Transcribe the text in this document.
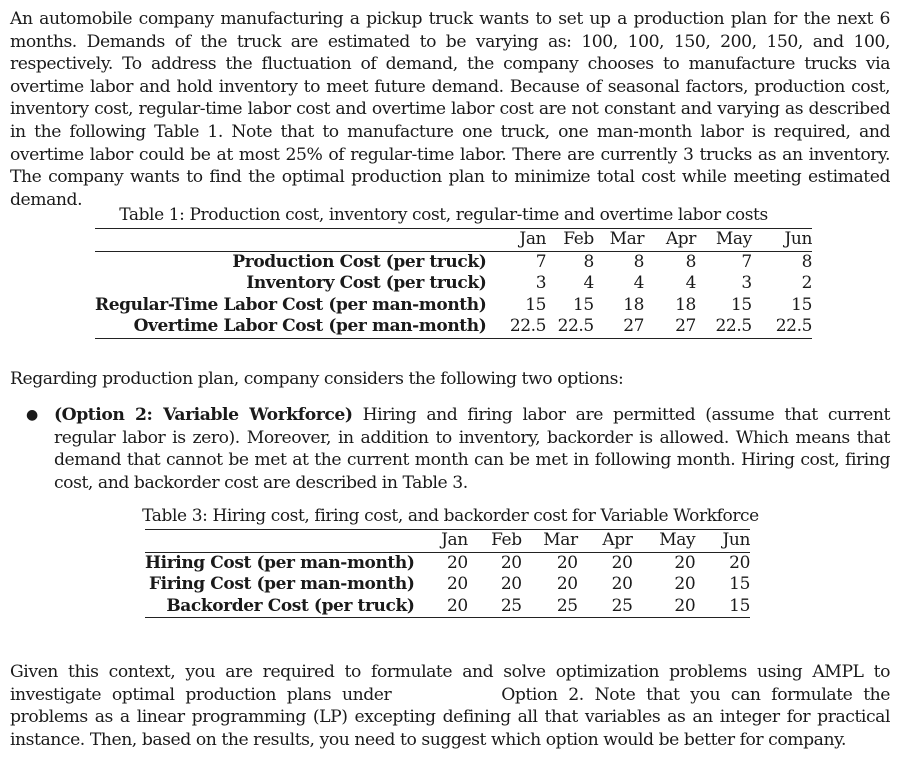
An automobile company manufacturing a pickup truck wants to set up a production plan for the next 6 months. Demands of the truck are estimated to be varying as: 100, 100, 150, 200, 150, and 100, respectively. To address the fluctuation of demand, the company chooses to manufacture trucks via overtime labor and hold inventory to meet future demand. Because of seasonal factors, production cost, inventory cost, regular-time labor cost and overtime labor cost are not constant and varying as described in the following Table 1. Note that to manufacture one truck, one man-month labor is required, and overtime labor could be at most 25% of regular-time labor. There are currently 3 trucks as an inventory. The company wants to find the optimal production plan to minimize total cost while meeting estimated demand.

Table 1: Production cost, inventory cost, regular-time and overtime labor costs

	Jan	Feb	Mar	Apr	May	Jun
Production Cost (per truck)	7	8	8	8	7	8
Inventory Cost (per truck)	3	4	4	4	3	2
Regular-Time Labor Cost (per man-month)	15	15	18	18	15	15
Overtime Labor Cost (per man-month)	22.5	22.5	27	27	22.5	22.5

Regarding production plan, company considers the following two options:

● (Option 2: Variable Workforce) Hiring and firing labor are permitted (assume that current regular labor is zero). Moreover, in addition to inventory, backorder is allowed. Which means that demand that cannot be met at the current month can be met in following month. Hiring cost, firing cost, and backorder cost are described in Table 3.

Table 3: Hiring cost, firing cost, and backorder cost for Variable Workforce

	Jan	Feb	Mar	Apr	May	Jun
Hiring Cost (per man-month)	20	20	20	20	20	20
Firing Cost (per man-month)	20	20	20	20	20	15
Backorder Cost (per truck)	20	25	25	25	20	15

Given this context, you are required to formulate and solve optimization problems using AMPL to investigate optimal production plans under	Option 2. Note that you can formulate the problems as a linear programming (LP) excepting defining all that variables as an integer for practical instance. Then, based on the results, you need to suggest which option would be better for company.
